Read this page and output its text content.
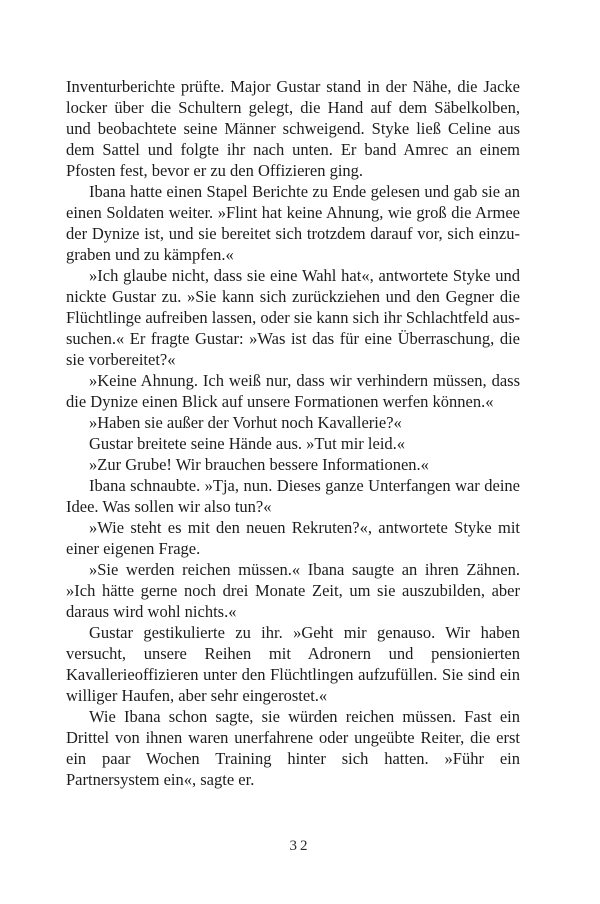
Inventurberichte prüfte. Major Gustar stand in der Nähe, die Jacke locker über die Schultern gelegt, die Hand auf dem Säbelkolben, und beobachtete seine Männer schweigend. Styke ließ Celine aus dem Sattel und folgte ihr nach unten. Er band Amrec an einem Pfosten fest, bevor er zu den Offizieren ging.

Ibana hatte einen Stapel Berichte zu Ende gelesen und gab sie an einen Soldaten weiter. »Flint hat keine Ahnung, wie groß die Armee der Dynize ist, und sie bereitet sich trotzdem darauf vor, sich einzugraben und zu kämpfen.«

»Ich glaube nicht, dass sie eine Wahl hat«, antwortete Styke und nickte Gustar zu. »Sie kann sich zurückziehen und den Gegner die Flüchtlinge aufreiben lassen, oder sie kann sich ihr Schlachtfeld aussuchen.« Er fragte Gustar: »Was ist das für eine Überraschung, die sie vorbereitet?«

»Keine Ahnung. Ich weiß nur, dass wir verhindern müssen, dass die Dynize einen Blick auf unsere Formationen werfen können.«

»Haben sie außer der Vorhut noch Kavallerie?«

Gustar breitete seine Hände aus. »Tut mir leid.«

»Zur Grube! Wir brauchen bessere Informationen.«

Ibana schnaubte. »Tja, nun. Dieses ganze Unterfangen war deine Idee. Was sollen wir also tun?«

»Wie steht es mit den neuen Rekruten?«, antwortete Styke mit einer eigenen Frage.

»Sie werden reichen müssen.« Ibana saugte an ihren Zähnen. »Ich hätte gerne noch drei Monate Zeit, um sie auszubilden, aber daraus wird wohl nichts.«

Gustar gestikulierte zu ihr. »Geht mir genauso. Wir haben versucht, unsere Reihen mit Adronern und pensionierten Kavallerieoffizieren unter den Flüchtlingen aufzufüllen. Sie sind ein williger Haufen, aber sehr eingerostet.«

Wie Ibana schon sagte, sie würden reichen müssen. Fast ein Drittel von ihnen waren unerfahrene oder ungeübte Reiter, die erst ein paar Wochen Training hinter sich hatten. »Führ ein Partnersystem ein«, sagte er.

32
